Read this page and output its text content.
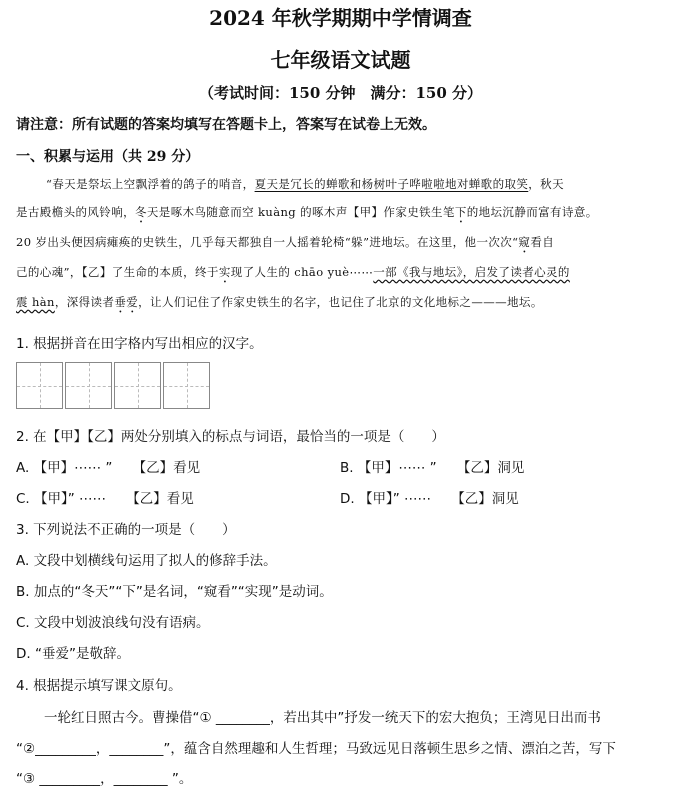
2024 年秋学期期中学情调查
七年级语文试题
（考试时间：150 分钟　满分：150 分）
请注意：所有试题的答案均填写在答题卡上，答案写在试卷上无效。
一、积累与运用（共 29 分）
“春天是祭坛上空飘浮着的鸽子的哨音，夏天是冗长的蝉歌和杨树叶子哗啦啦地对蝉歌的取笑，秋天
是古殿檐头的风铃响，冬天是啄木鸟随意而空 kuàng 的啄木声【甲】作家史铁生笔下的地坛沉静而富有诗意。
20 岁出头便因病瘫痪的史铁生，几乎每天都独自一人摇着轮椅“躲”进地坛。在这里，他一次次“窥看自
己的心魂”，【乙】了生命的本质，终于实现了人生的 chāo yuè⋯⋯一部《我与地坛》，启发了读者心灵的
震 hàn，深得读者垂爱，让人们记住了作家史铁生的名字，也记住了北京的文化地标之———地坛。
1. 根据拼音在田字格内写出相应的汉字。
2. 在【甲】【乙】两处分别填入的标点与词语，最恰当的一项是（　　）
A. 【甲】⋯⋯ ”　　【乙】看见	B. 【甲】⋯⋯ ”　　【乙】洞见
C. 【甲】” ⋯⋯　　【乙】看见	D. 【甲】” ⋯⋯　　【乙】洞见
3. 下列说法不正确的一项是（　　）
A. 文段中划横线句运用了拟人的修辞手法。
B. 加点的“冬天”“下”是名词，“窥看”“实现”是动词。
C. 文段中划波浪线句没有语病。
D. “垂爱”是敬辞。
4. 根据提示填写课文原句。
一轮红日照古今。曹操借“① ________，若出其中”抒发一统天下的宏大抱负；王湾见日出而书
“②_________，________”，蕴含自然理趣和人生哲理；马致远见日落顿生思乡之情、漂泊之苦，写下
“③ _________，________ ”。
